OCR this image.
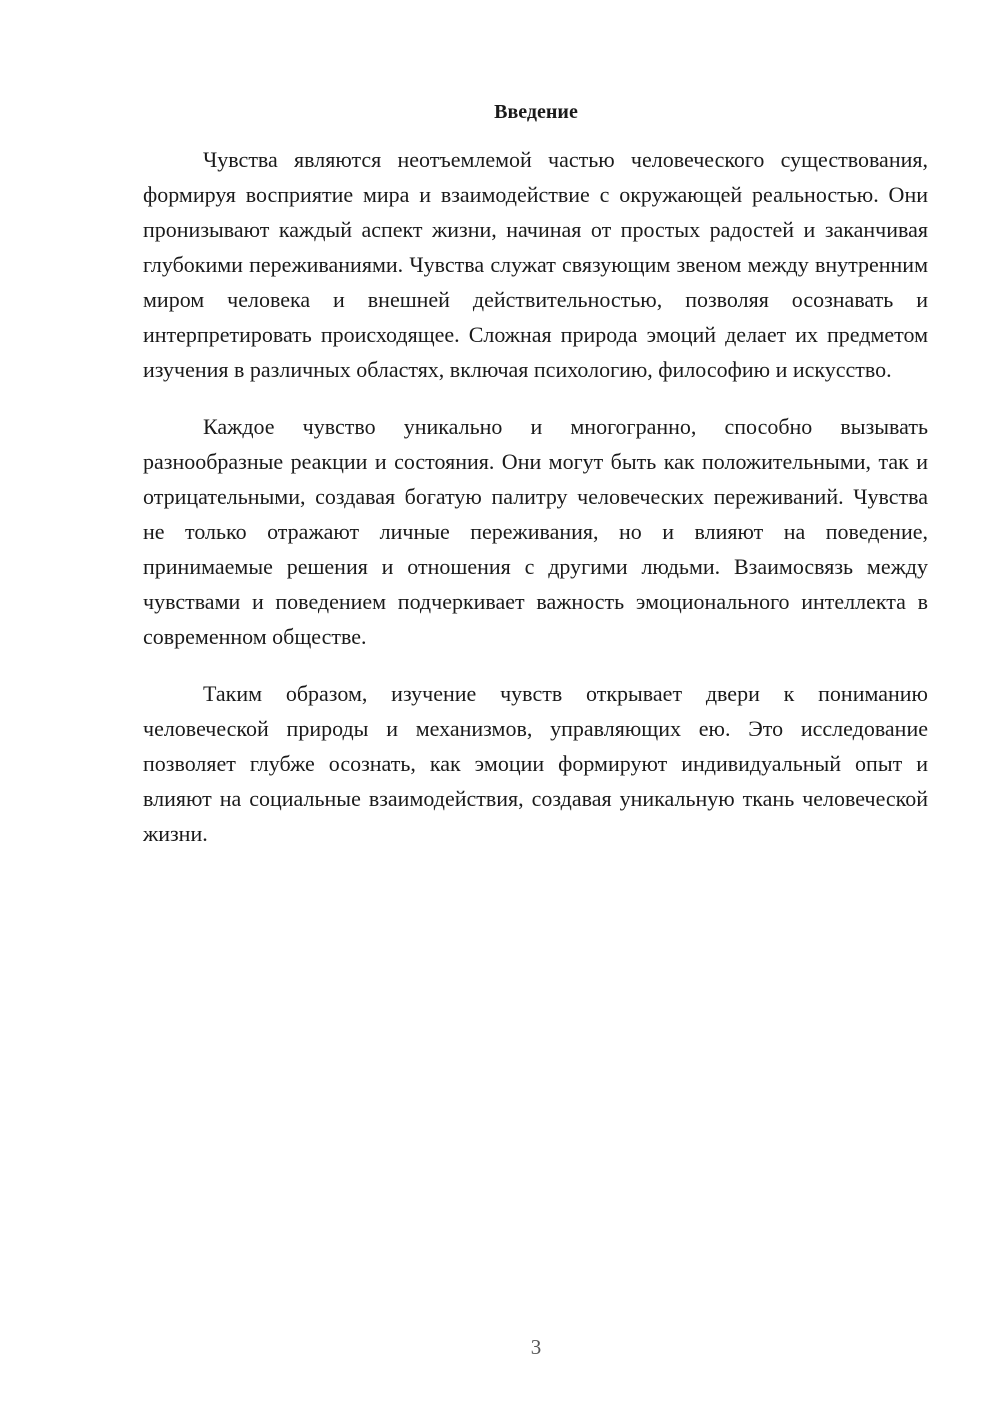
Введение

Чувства являются неотъемлемой частью человеческого существования, формируя восприятие мира и взаимодействие с окружающей реальностью. Они пронизывают каждый аспект жизни, начиная от простых радостей и заканчивая глубокими переживаниями. Чувства служат связующим звеном между внутренним миром человека и внешней действительностью, позволяя осознавать и интерпретировать происходящее. Сложная природа эмоций делает их предметом изучения в различных областях, включая психологию, философию и искусство.

Каждое чувство уникально и многогранно, способно вызывать разнообразные реакции и состояния. Они могут быть как положительными, так и отрицательными, создавая богатую палитру человеческих переживаний. Чувства не только отражают личные переживания, но и влияют на поведение, принимаемые решения и отношения с другими людьми. Взаимосвязь между чувствами и поведением подчеркивает важность эмоционального интеллекта в современном обществе.

Таким образом, изучение чувств открывает двери к пониманию человеческой природы и механизмов, управляющих ею. Это исследование позволяет глубже осознать, как эмоции формируют индивидуальный опыт и влияют на социальные взаимодействия, создавая уникальную ткань человеческой жизни.

3
